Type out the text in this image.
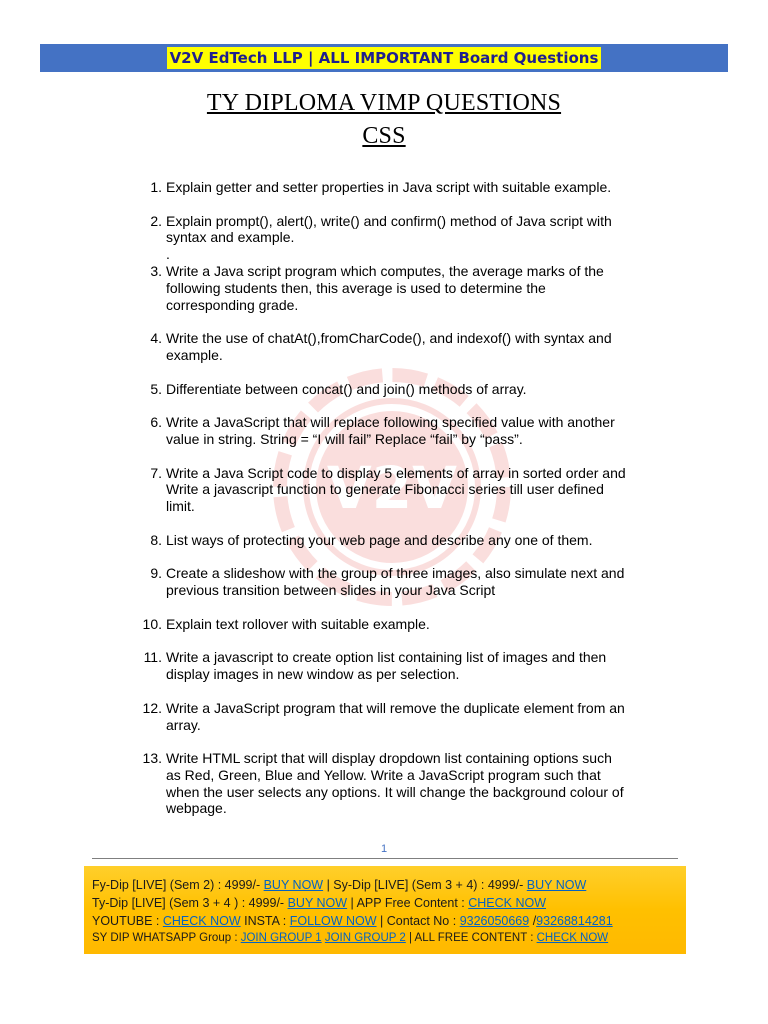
V2V EdTech LLP | ALL IMPORTANT Board Questions
TY DIPLOMA VIMP QUESTIONS
CSS
V2V
1. Explain getter and setter properties in Java script with suitable example.
2. Explain prompt(), alert(), write() and confirm() method of Java script with
syntax and example.
.
3. Write a Java script program which computes, the average marks of the
following students then, this average is used to determine the
corresponding grade.
4. Write the use of chatAt(),fromCharCode(), and indexof() with syntax and
example.
5. Differentiate between concat() and join() methods of array.
6. Write a JavaScript that will replace following specified value with another
value in string. String = “I will fail” Replace “fail” by “pass”.
7. Write a Java Script code to display 5 elements of array in sorted order and
Write a javascript function to generate Fibonacci series till user defined
limit.
8. List ways of protecting your web page and describe any one of them.
9. Create a slideshow with the group of three images, also simulate next and
previous transition between slides in your Java Script
10. Explain text rollover with suitable example.
11. Write a javascript to create option list containing list of images and then
display images in new window as per selection.
12. Write a JavaScript program that will remove the duplicate element from an
array.
13. Write HTML script that will display dropdown list containing options such
as Red, Green, Blue and Yellow. Write a JavaScript program such that
when the user selects any options. It will change the background colour of
webpage.
1
Fy-Dip [LIVE] (Sem 2) : 4999/- BUY NOW | Sy-Dip [LIVE] (Sem 3 + 4) : 4999/- BUY NOW
Ty-Dip [LIVE] (Sem 3 + 4 ) : 4999/- BUY NOW | APP Free Content : CHECK NOW
YOUTUBE : CHECK NOW INSTA : FOLLOW NOW | Contact No : 9326050669 /93268814281
SY DIP WHATSAPP Group : JOIN GROUP 1 JOIN GROUP 2 | ALL FREE CONTENT : CHECK NOW
